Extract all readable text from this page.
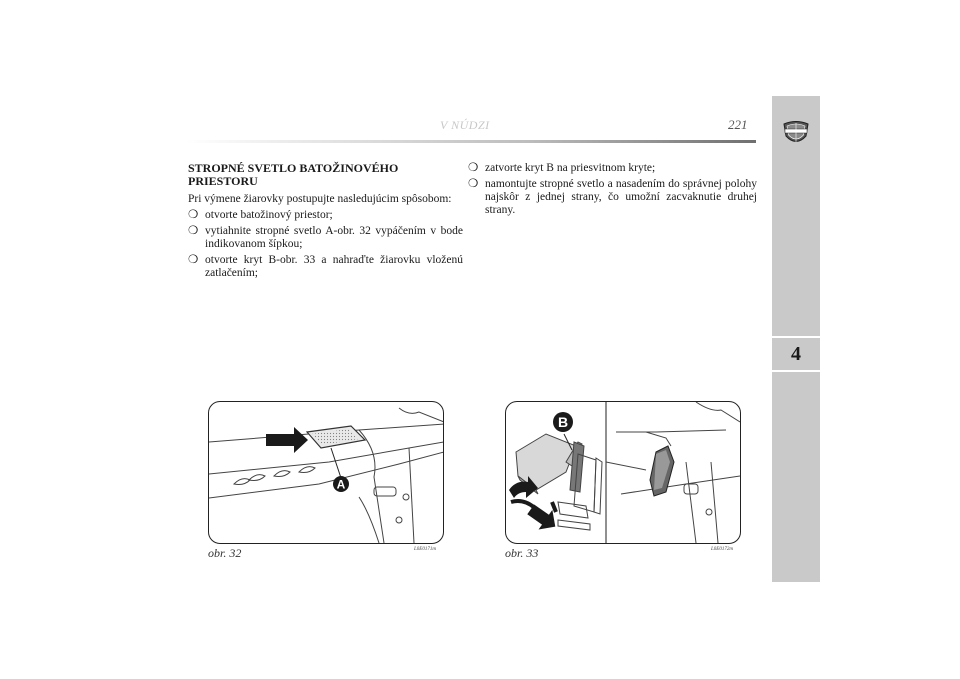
4
V NÚDZI	221
STROPNÉ SVETLO BATOŽINOVÉHO PRIESTORU

Pri výmene žiarovky postupujte nasledujúcim spôsobom:

❍ otvorte batožinový priestor;
❍ vytiahnite stropné svetlo A-obr. 32 vypáčením v bode indikovanom šípkou;
❍ otvorte kryt B-obr. 33 a nahraďte žiarovku vloženú zatlačením;
❍ zatvorte kryt B na priesvitnom kryte;
❍ namontujte stropné svetlo a nasadením do správnej polohy najskôr z jednej strany, čo umožní zacvaknutie druhej strany.
A
obr. 32	L0E0171m
B
obr. 33	L0E0172m
